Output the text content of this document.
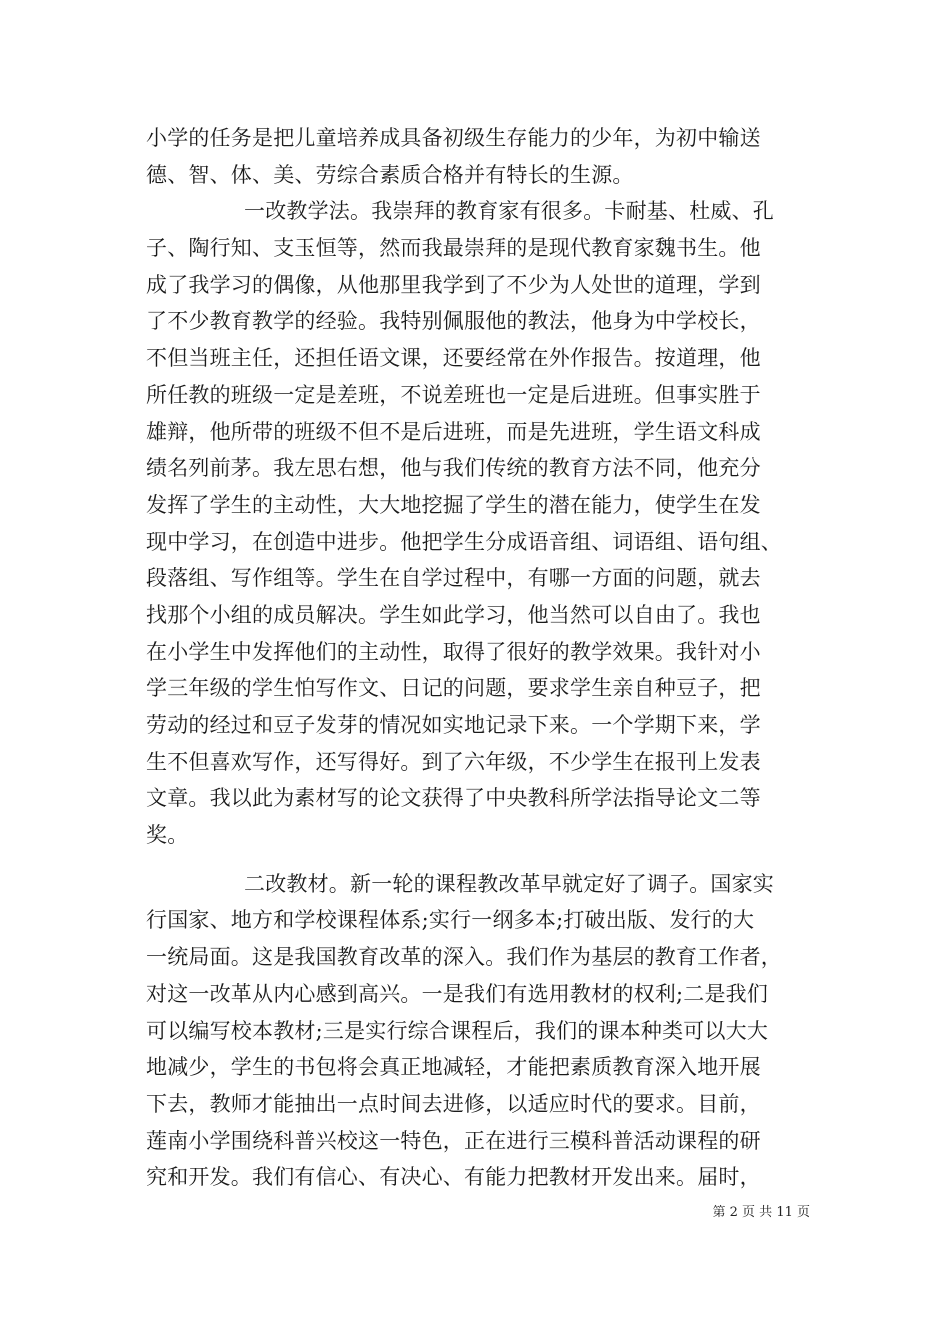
小学的任务是把儿童培养成具备初级生存能力的少年，为初中输送
德、智、体、美、劳综合素质合格并有特长的生源。
一改教学法。我崇拜的教育家有很多。卡耐基、杜威、孔
子、陶行知、支玉恒等，然而我最崇拜的是现代教育家魏书生。他
成了我学习的偶像，从他那里我学到了不少为人处世的道理，学到
了不少教育教学的经验。我特别佩服他的教法，他身为中学校长，
不但当班主任，还担任语文课，还要经常在外作报告。按道理，他
所任教的班级一定是差班，不说差班也一定是后进班。但事实胜于
雄辩，他所带的班级不但不是后进班，而是先进班，学生语文科成
绩名列前茅。我左思右想，他与我们传统的教育方法不同，他充分
发挥了学生的主动性，大大地挖掘了学生的潜在能力，使学生在发
现中学习，在创造中进步。他把学生分成语音组、词语组、语句组、
段落组、写作组等。学生在自学过程中，有哪一方面的问题，就去
找那个小组的成员解决。学生如此学习，他当然可以自由了。我也
在小学生中发挥他们的主动性，取得了很好的教学效果。我针对小
学三年级的学生怕写作文、日记的问题，要求学生亲自种豆子，把
劳动的经过和豆子发芽的情况如实地记录下来。一个学期下来，学
生不但喜欢写作，还写得好。到了六年级，不少学生在报刊上发表
文章。我以此为素材写的论文获得了中央教科所学法指导论文二等
奖。
二改教材。新一轮的课程教改革早就定好了调子。国家实
行国家、地方和学校课程体系;实行一纲多本;打破出版、发行的大
一统局面。这是我国教育改革的深入。我们作为基层的教育工作者，
对这一改革从内心感到高兴。一是我们有选用教材的权利;二是我们
可以编写校本教材;三是实行综合课程后，我们的课本种类可以大大
地减少，学生的书包将会真正地减轻，才能把素质教育深入地开展
下去，教师才能抽出一点时间去进修，以适应时代的要求。目前，
莲南小学围绕科普兴校这一特色，正在进行三模科普活动课程的研
究和开发。我们有信心、有决心、有能力把教材开发出来。届时，
第 2 页 共 11 页
